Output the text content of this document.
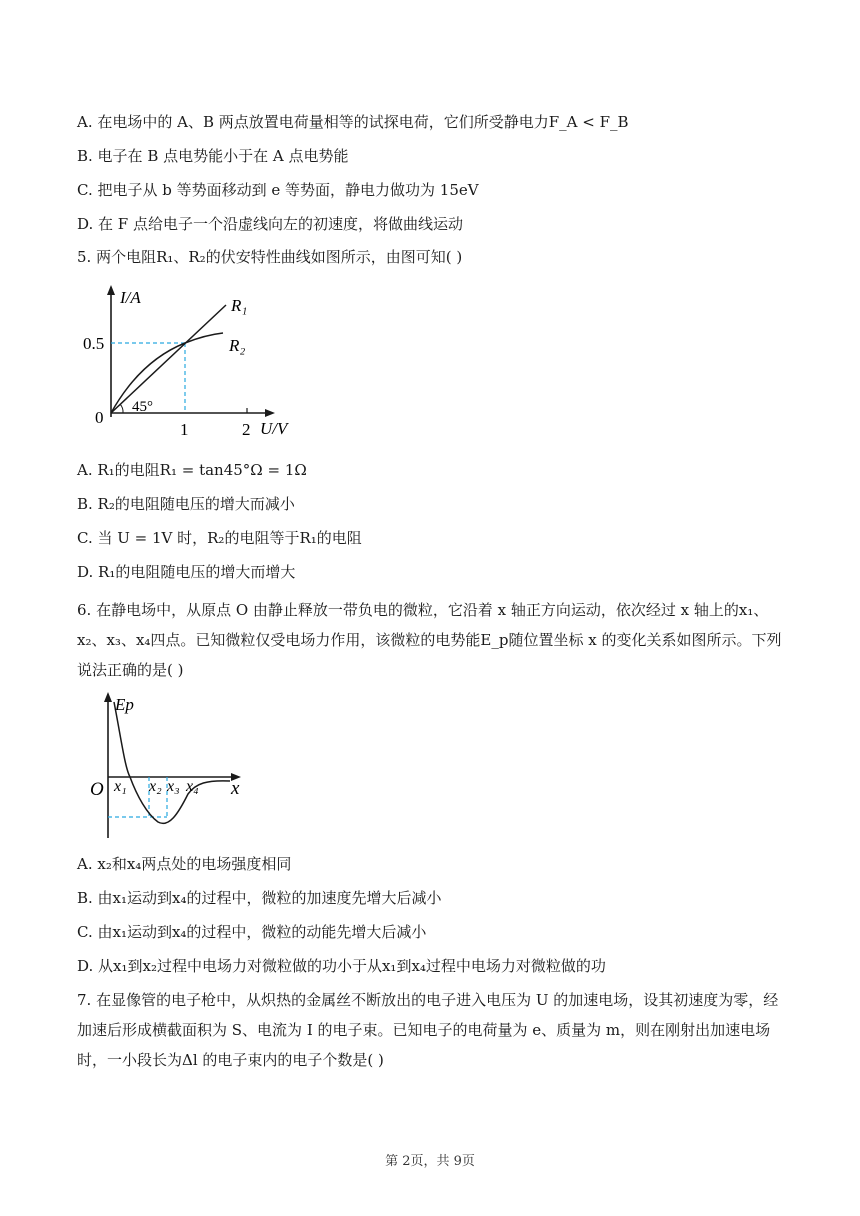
A. 在电场中的 A、B 两点放置电荷量相等的试探电荷，它们所受静电力F_A < F_B
B. 电子在 B 点电势能小于在 A 点电势能
C. 把电子从 b 等势面移动到 e 等势面，静电力做功为 15eV
D. 在 F 点给电子一个沿虚线向左的初速度，将做曲线运动
5. 两个电阻R₁、R₂的伏安特性曲线如图所示，由图可知( )
I/A
U/V
0
0.5
1	2
45°
R₁
R₂
A. R₁的电阻R₁ = tan45°Ω = 1Ω
B. R₂的电阻随电压的增大而减小
C. 当 U = 1V 时，R₂的电阻等于R₁的电阻
D. R₁的电阻随电压的增大而增大
6. 在静电场中，从原点 O 由静止释放一带负电的微粒，它沿着 x 轴正方向运动，依次经过 x 轴上的x₁、x₂、x₃、x₄四点。已知微粒仅受电场力作用，该微粒的电势能E_p随位置坐标 x 的变化关系如图所示。下列说法正确的是( )
Ep
x
O x₁ x₂ x₃ x₄
A. x₂和x₄两点处的电场强度相同
B. 由x₁运动到x₄的过程中，微粒的加速度先增大后减小
C. 由x₁运动到x₄的过程中，微粒的动能先增大后减小
D. 从x₁到x₂过程中电场力对微粒做的功小于从x₁到x₄过程中电场力对微粒做的功
7. 在显像管的电子枪中，从炽热的金属丝不断放出的电子进入电压为 U 的加速电场，设其初速度为零，经加速后形成横截面积为 S、电流为 I 的电子束。已知电子的电荷量为 e、质量为 m，则在刚射出加速电场时，一小段长为Δl 的电子束内的电子个数是( )
第 2页，共 9页
